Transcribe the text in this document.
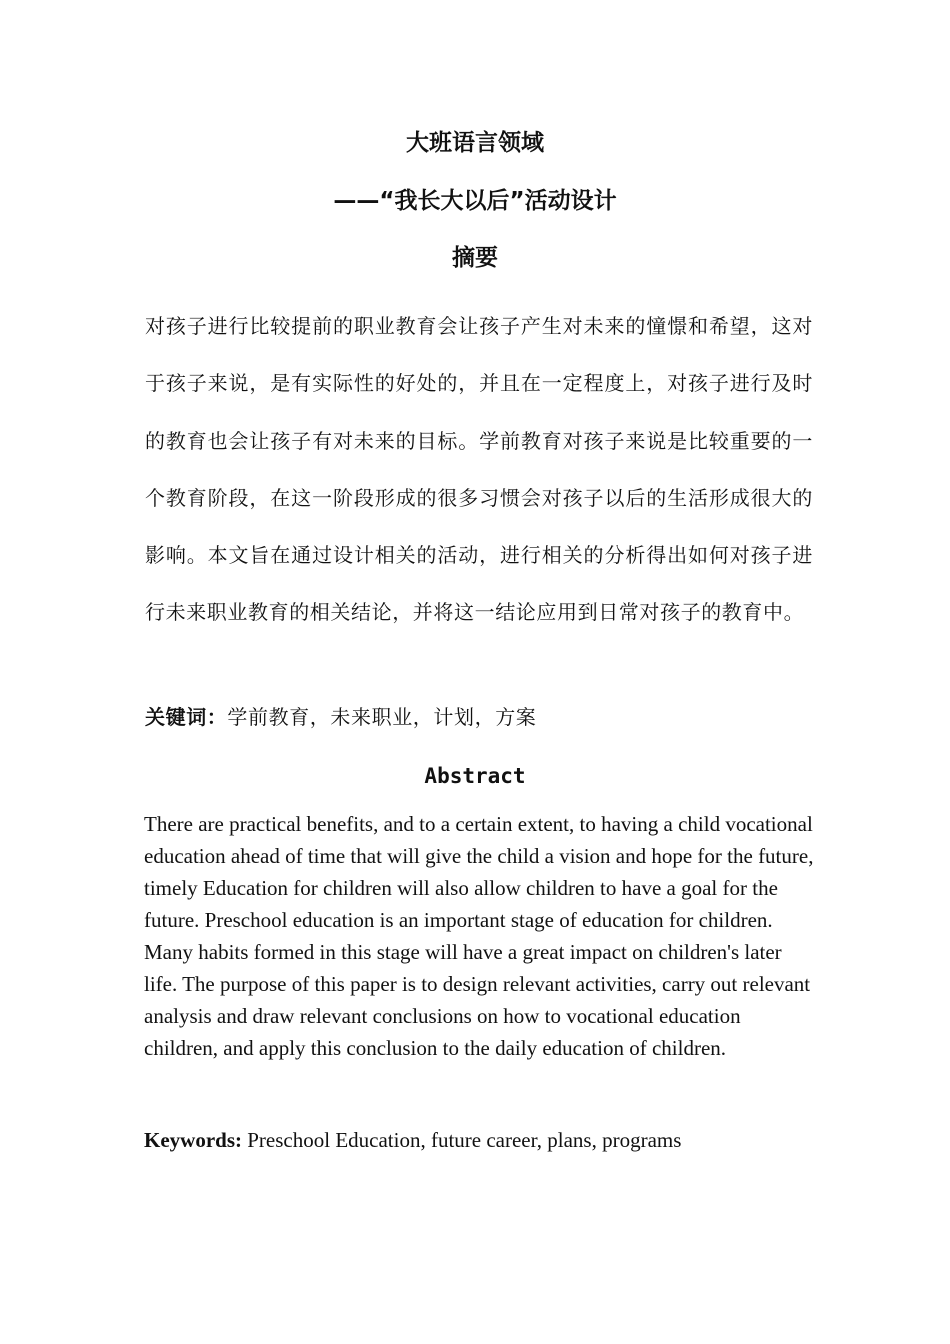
大班语言领域
——“我长大以后”活动设计
摘要

对孩子进行比较提前的职业教育会让孩子产生对未来的憧憬和希望，这对于孩子来说，是有实际性的好处的，并且在一定程度上，对孩子进行及时的教育也会让孩子有对未来的目标。学前教育对孩子来说是比较重要的一个教育阶段，在这一阶段形成的很多习惯会对孩子以后的生活形成很大的影响。本文旨在通过设计相关的活动，进行相关的分析得出如何对孩子进行未来职业教育的相关结论，并将这一结论应用到日常对孩子的教育中。

关键词：学前教育，未来职业，计划，方案

Abstract

There are practical benefits, and to a certain extent, to having a child vocational education ahead of time that will give the child a vision and hope for the future, timely Education for children will also allow children to have a goal for the future. Preschool education is an important stage of education for children. Many habits formed in this stage will have a great impact on children's later life. The purpose of this paper is to design relevant activities, carry out relevant analysis and draw relevant conclusions on how to vocational education children, and apply this conclusion to the daily education of children.

Keywords: Preschool Education, future career, plans, programs
